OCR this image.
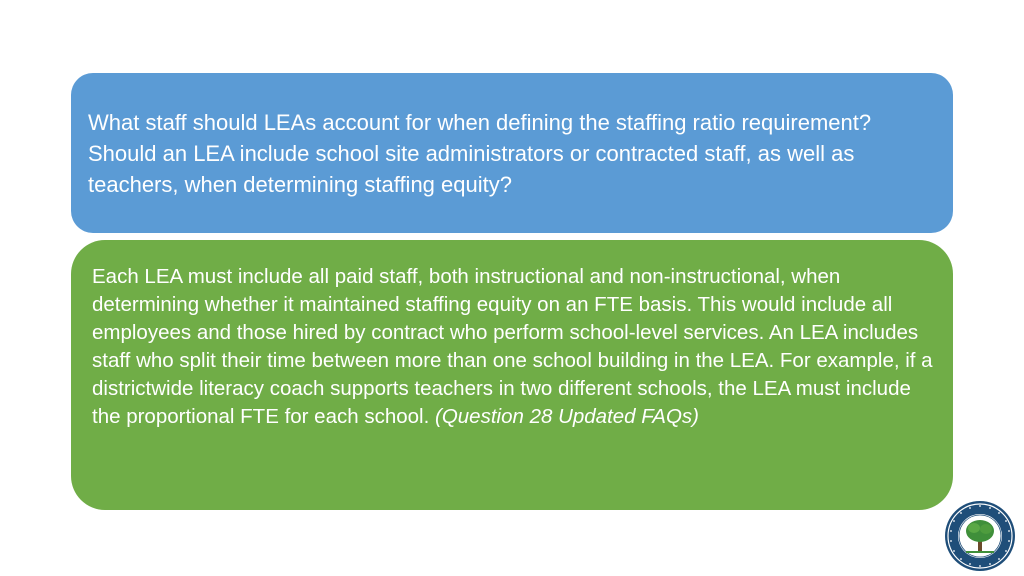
What staff should LEAs account for when defining the staffing ratio requirement? Should an LEA include school site administrators or contracted staff, as well as teachers, when determining staffing equity?

Each LEA must include all paid staff, both instructional and non-instructional, when determining whether it maintained staffing equity on an FTE basis. This would include all employees and those hired by contract who perform school-level services. An LEA includes staff who split their time between more than one school building in the LEA. For example, if a districtwide literacy coach supports teachers in two different schools, the LEA must include the proportional FTE for each school. (Question 28 Updated FAQs)
